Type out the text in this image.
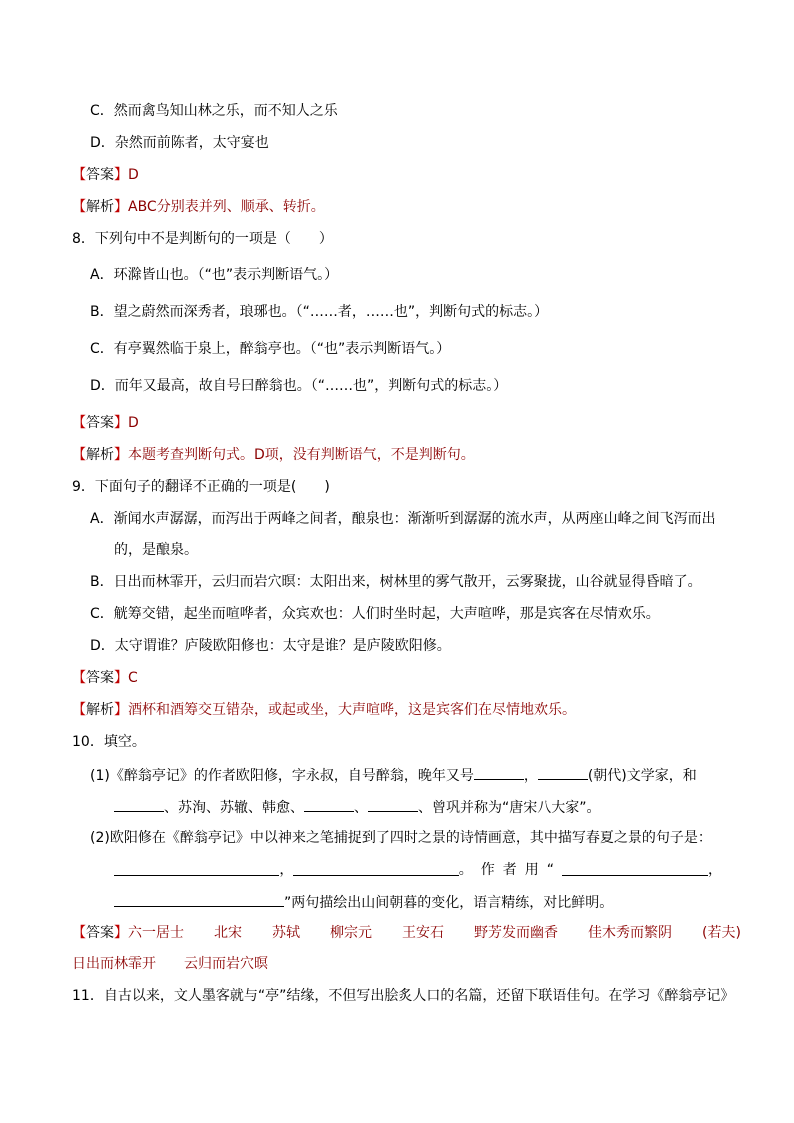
C．然而禽鸟知山林之乐，而不知人之乐
D．杂然而前陈者，太守宴也
【答案】D
【解析】ABC分别表并列、顺承、转折。
8．下列句中不是判断句的一项是（　　）
A．环滁皆山也。（“也”表示判断语气。）
B．望之蔚然而深秀者，琅琊也。（“……者，……也”，判断句式的标志。）
C．有亭翼然临于泉上，醉翁亭也。（“也”表示判断语气。）
D．而年又最高，故自号曰醉翁也。（“……也”，判断句式的标志。）
【答案】D
【解析】本题考查判断句式。D项，没有判断语气，不是判断句。
9．下面句子的翻译不正确的一项是(　　)
A．渐闻水声潺潺，而泻出于两峰之间者，酿泉也：渐渐听到潺潺的流水声，从两座山峰之间飞泻而出
的，是酿泉。
B．日出而林霏开，云归而岩穴暝：太阳出来，树林里的雾气散开，云雾聚拢，山谷就显得昏暗了。
C．觥筹交错，起坐而喧哗者，众宾欢也：人们时坐时起，大声喧哗，那是宾客在尽情欢乐。
D．太守谓谁？庐陵欧阳修也：太守是谁？是庐陵欧阳修。
【答案】C
【解析】酒杯和酒筹交互错杂，或起或坐，大声喧哗，这是宾客们在尽情地欢乐。
10．填空。
(1)《醉翁亭记》的作者欧阳修，字永叔，自号醉翁，晚年又号	，	(朝代)文学家，和
、苏洵、苏辙、韩愈、	、	、曾巩并称为“唐宋八大家”。
(2)欧阳修在《醉翁亭记》中以神来之笔捕捉到了四时之景的诗情画意，其中描写春夏之景的句子是：
，	。作者用“	，
”两句描绘出山间朝暮的变化，语言精练，对比鲜明。
【答案】六一居士 北宋 苏轼 柳宗元 王安石 野芳发而幽香 佳木秀而繁阴 (若夫)
日出而林霏开 云归而岩穴暝
11．自古以来，文人墨客就与“亭”结缘，不但写出脍炙人口的名篇，还留下联语佳句。在学习《醉翁亭记》
